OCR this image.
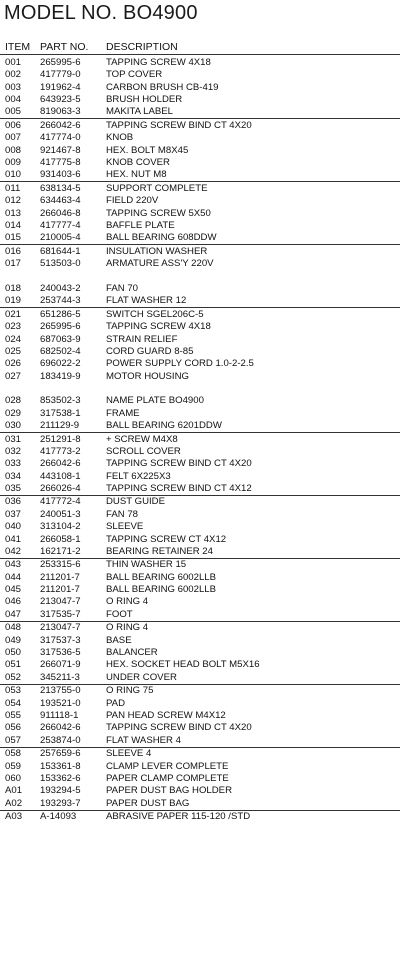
MODEL NO. BO4900
ITEM PART NO. DESCRIPTION
001 265995-6	TAPPING SCREW 4X18
002 417779-0	TOP COVER
003 191962-4	CARBON BRUSH CB-419
004 643923-5	BRUSH HOLDER
005 819063-3	MAKITA LABEL
006 266042-6	TAPPING SCREW BIND CT 4X20
007 417774-0	KNOB
008 921467-8	HEX. BOLT M8X45
009 417775-8	KNOB COVER
010 931403-6	HEX. NUT M8
011 638134-5	SUPPORT COMPLETE
012 634463-4	FIELD 220V
013 266046-8	TAPPING SCREW 5X50
014 417777-4	BAFFLE PLATE
015 210005-4	BALL BEARING 608DDW
016 681644-1	INSULATION WASHER
017 513503-0	ARMATURE ASS'Y 220V
018 240043-2	FAN 70
019 253744-3	FLAT WASHER 12
021 651286-5	SWITCH SGEL206C-5
023 265995-6	TAPPING SCREW 4X18
024 687063-9	STRAIN RELIEF
025 682502-4	CORD GUARD 8-85
026 696022-2	POWER SUPPLY CORD 1.0-2-2.5
027 183419-9	MOTOR HOUSING
028 853502-3	NAME PLATE BO4900
029 317538-1	FRAME
030 211129-9	BALL BEARING 6201DDW
031 251291-8	+ SCREW M4X8
032 417773-2	SCROLL COVER
033 266042-6	TAPPING SCREW BIND CT 4X20
034 443108-1	FELT 6X225X3
035 266026-4	TAPPING SCREW BIND CT 4X12
036 417772-4	DUST GUIDE
037 240051-3	FAN 78
040 313104-2	SLEEVE
041 266058-1	TAPPING SCREW CT 4X12
042 162171-2	BEARING RETAINER 24
043 253315-6	THIN WASHER 15
044 211201-7	BALL BEARING 6002LLB
045 211201-7	BALL BEARING 6002LLB
046 213047-7	O RING 4
047 317535-7	FOOT
048 213047-7	O RING 4
049 317537-3	BASE
050 317536-5	BALANCER
051 266071-9	HEX. SOCKET HEAD BOLT M5X16
052 345211-3	UNDER COVER
053 213755-0	O RING 75
054 193521-0	PAD
055 911118-1	PAN HEAD SCREW M4X12
056 266042-6	TAPPING SCREW BIND CT 4X20
057 253874-0	FLAT WASHER 4
058 257659-6	SLEEVE 4
059 153361-8	CLAMP LEVER COMPLETE
060 153362-6	PAPER CLAMP COMPLETE
A01 193294-5	PAPER DUST BAG HOLDER
A02 193293-7	PAPER DUST BAG
A03 A-14093	ABRASIVE PAPER 115-120 /STD
